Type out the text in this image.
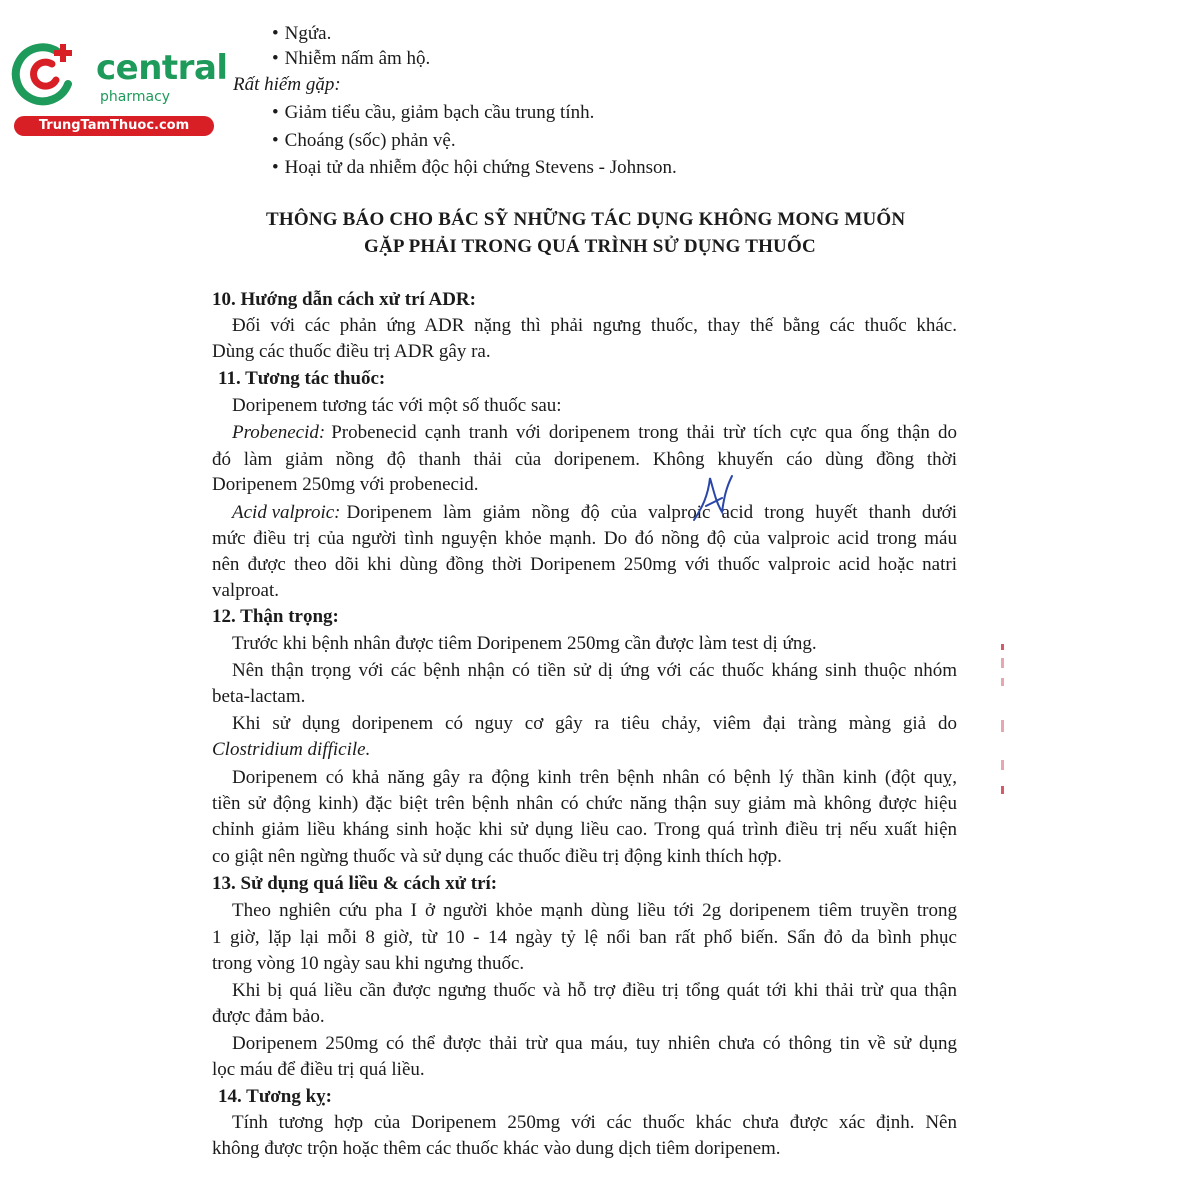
central
pharmacy
TrungTamThuoc.com
• Ngứa.
• Nhiễm nấm âm hộ.
Rất hiếm gặp:
• Giảm tiểu cầu, giảm bạch cầu trung tính.
• Choáng (sốc) phản vệ.
• Hoại tử da nhiễm độc hội chứng Stevens - Johnson.
THÔNG BÁO CHO BÁC SỸ NHỮNG TÁC DỤNG KHÔNG MONG MUỐN
GẶP PHẢI TRONG QUÁ TRÌNH SỬ DỤNG THUỐC
10. Hướng dẫn cách xử trí ADR:
Đối với các phản ứng ADR nặng thì phải ngưng thuốc, thay thế bằng các thuốc khác.
Dùng các thuốc điều trị ADR gây ra.
11. Tương tác thuốc:
Doripenem tương tác với một số thuốc sau:
Probenecid: Probenecid cạnh tranh với doripenem trong thải trừ tích cực qua ống thận do
đó làm giảm nồng độ thanh thải của doripenem. Không khuyến cáo dùng đồng thời
Doripenem 250mg với probenecid.
Acid valproic: Doripenem làm giảm nồng độ của valproic acid trong huyết thanh dưới
mức điều trị của người tình nguyện khỏe mạnh. Do đó nồng độ của valproic acid trong máu
nên được theo dõi khi dùng đồng thời Doripenem 250mg với thuốc valproic acid hoặc natri
valproat.
12. Thận trọng:
Trước khi bệnh nhân được tiêm Doripenem 250mg cần được làm test dị ứng.
Nên thận trọng với các bệnh nhận có tiền sử dị ứng với các thuốc kháng sinh thuộc nhóm
beta-lactam.
Khi sử dụng doripenem có nguy cơ gây ra tiêu chảy, viêm đại tràng màng giả do
Clostridium difficile.
Doripenem có khả năng gây ra động kinh trên bệnh nhân có bệnh lý thần kinh (đột quỵ,
tiền sử động kinh) đặc biệt trên bệnh nhân có chức năng thận suy giảm mà không được hiệu
chỉnh giảm liều kháng sinh hoặc khi sử dụng liều cao. Trong quá trình điều trị nếu xuất hiện
co giật nên ngừng thuốc và sử dụng các thuốc điều trị động kinh thích hợp.
13. Sử dụng quá liều & cách xử trí:
Theo nghiên cứu pha I ở người khỏe mạnh dùng liều tới 2g doripenem tiêm truyền trong
1 giờ, lặp lại mỗi 8 giờ, từ 10 - 14 ngày tỷ lệ nổi ban rất phổ biến. Sẩn đỏ da bình phục
trong vòng 10 ngày sau khi ngưng thuốc.
Khi bị quá liều cần được ngưng thuốc và hỗ trợ điều trị tổng quát tới khi thải trừ qua thận
được đảm bảo.
Doripenem 250mg có thể được thải trừ qua máu, tuy nhiên chưa có thông tin về sử dụng
lọc máu để điều trị quá liều.
14. Tương kỵ:
Tính tương hợp của Doripenem 250mg với các thuốc khác chưa được xác định. Nên
không được trộn hoặc thêm các thuốc khác vào dung dịch tiêm doripenem.
